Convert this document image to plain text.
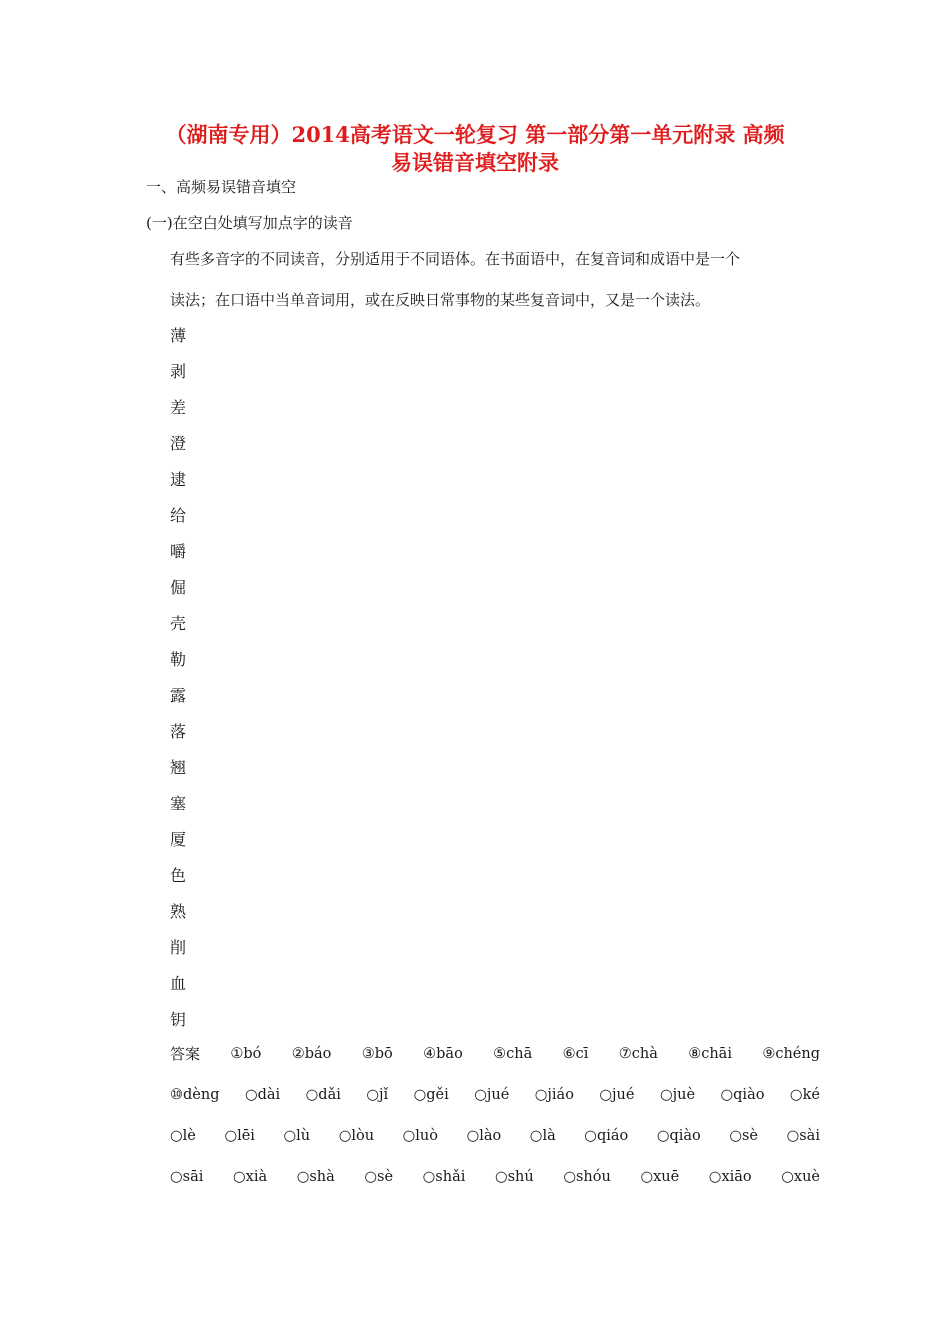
（湖南专用）2014高考语文一轮复习 第一部分第一单元附录 高频
易误错音填空附录
一、高频易误错音填空
(一)在空白处填写加点字的读音
有些多音字的不同读音，分别适用于不同语体。在书面语中，在复音词和成语中是一个
读法；在口语中当单音词用，或在反映日常事物的某些复音词中，又是一个读法。
薄
剥
差
澄
逮
给
嚼
倔
壳
勒
露
落
翘
塞
厦
色
熟
削
血
钥
答案 ①bó ②báo ③bō ④bāo ⑤chā ⑥cī ⑦chà ⑧chāi ⑨chéng
⑩dèng ○dài ○dǎi ○jǐ ○gěi ○jué ○jiáo ○jué ○juè ○qiào ○ké
○lè ○lēi ○lù ○lòu ○luò ○lào ○là ○qiáo ○qiào ○sè ○sài
○sāi ○xià ○shà ○sè ○shǎi ○shú ○shóu ○xuē ○xiāo ○xuè
